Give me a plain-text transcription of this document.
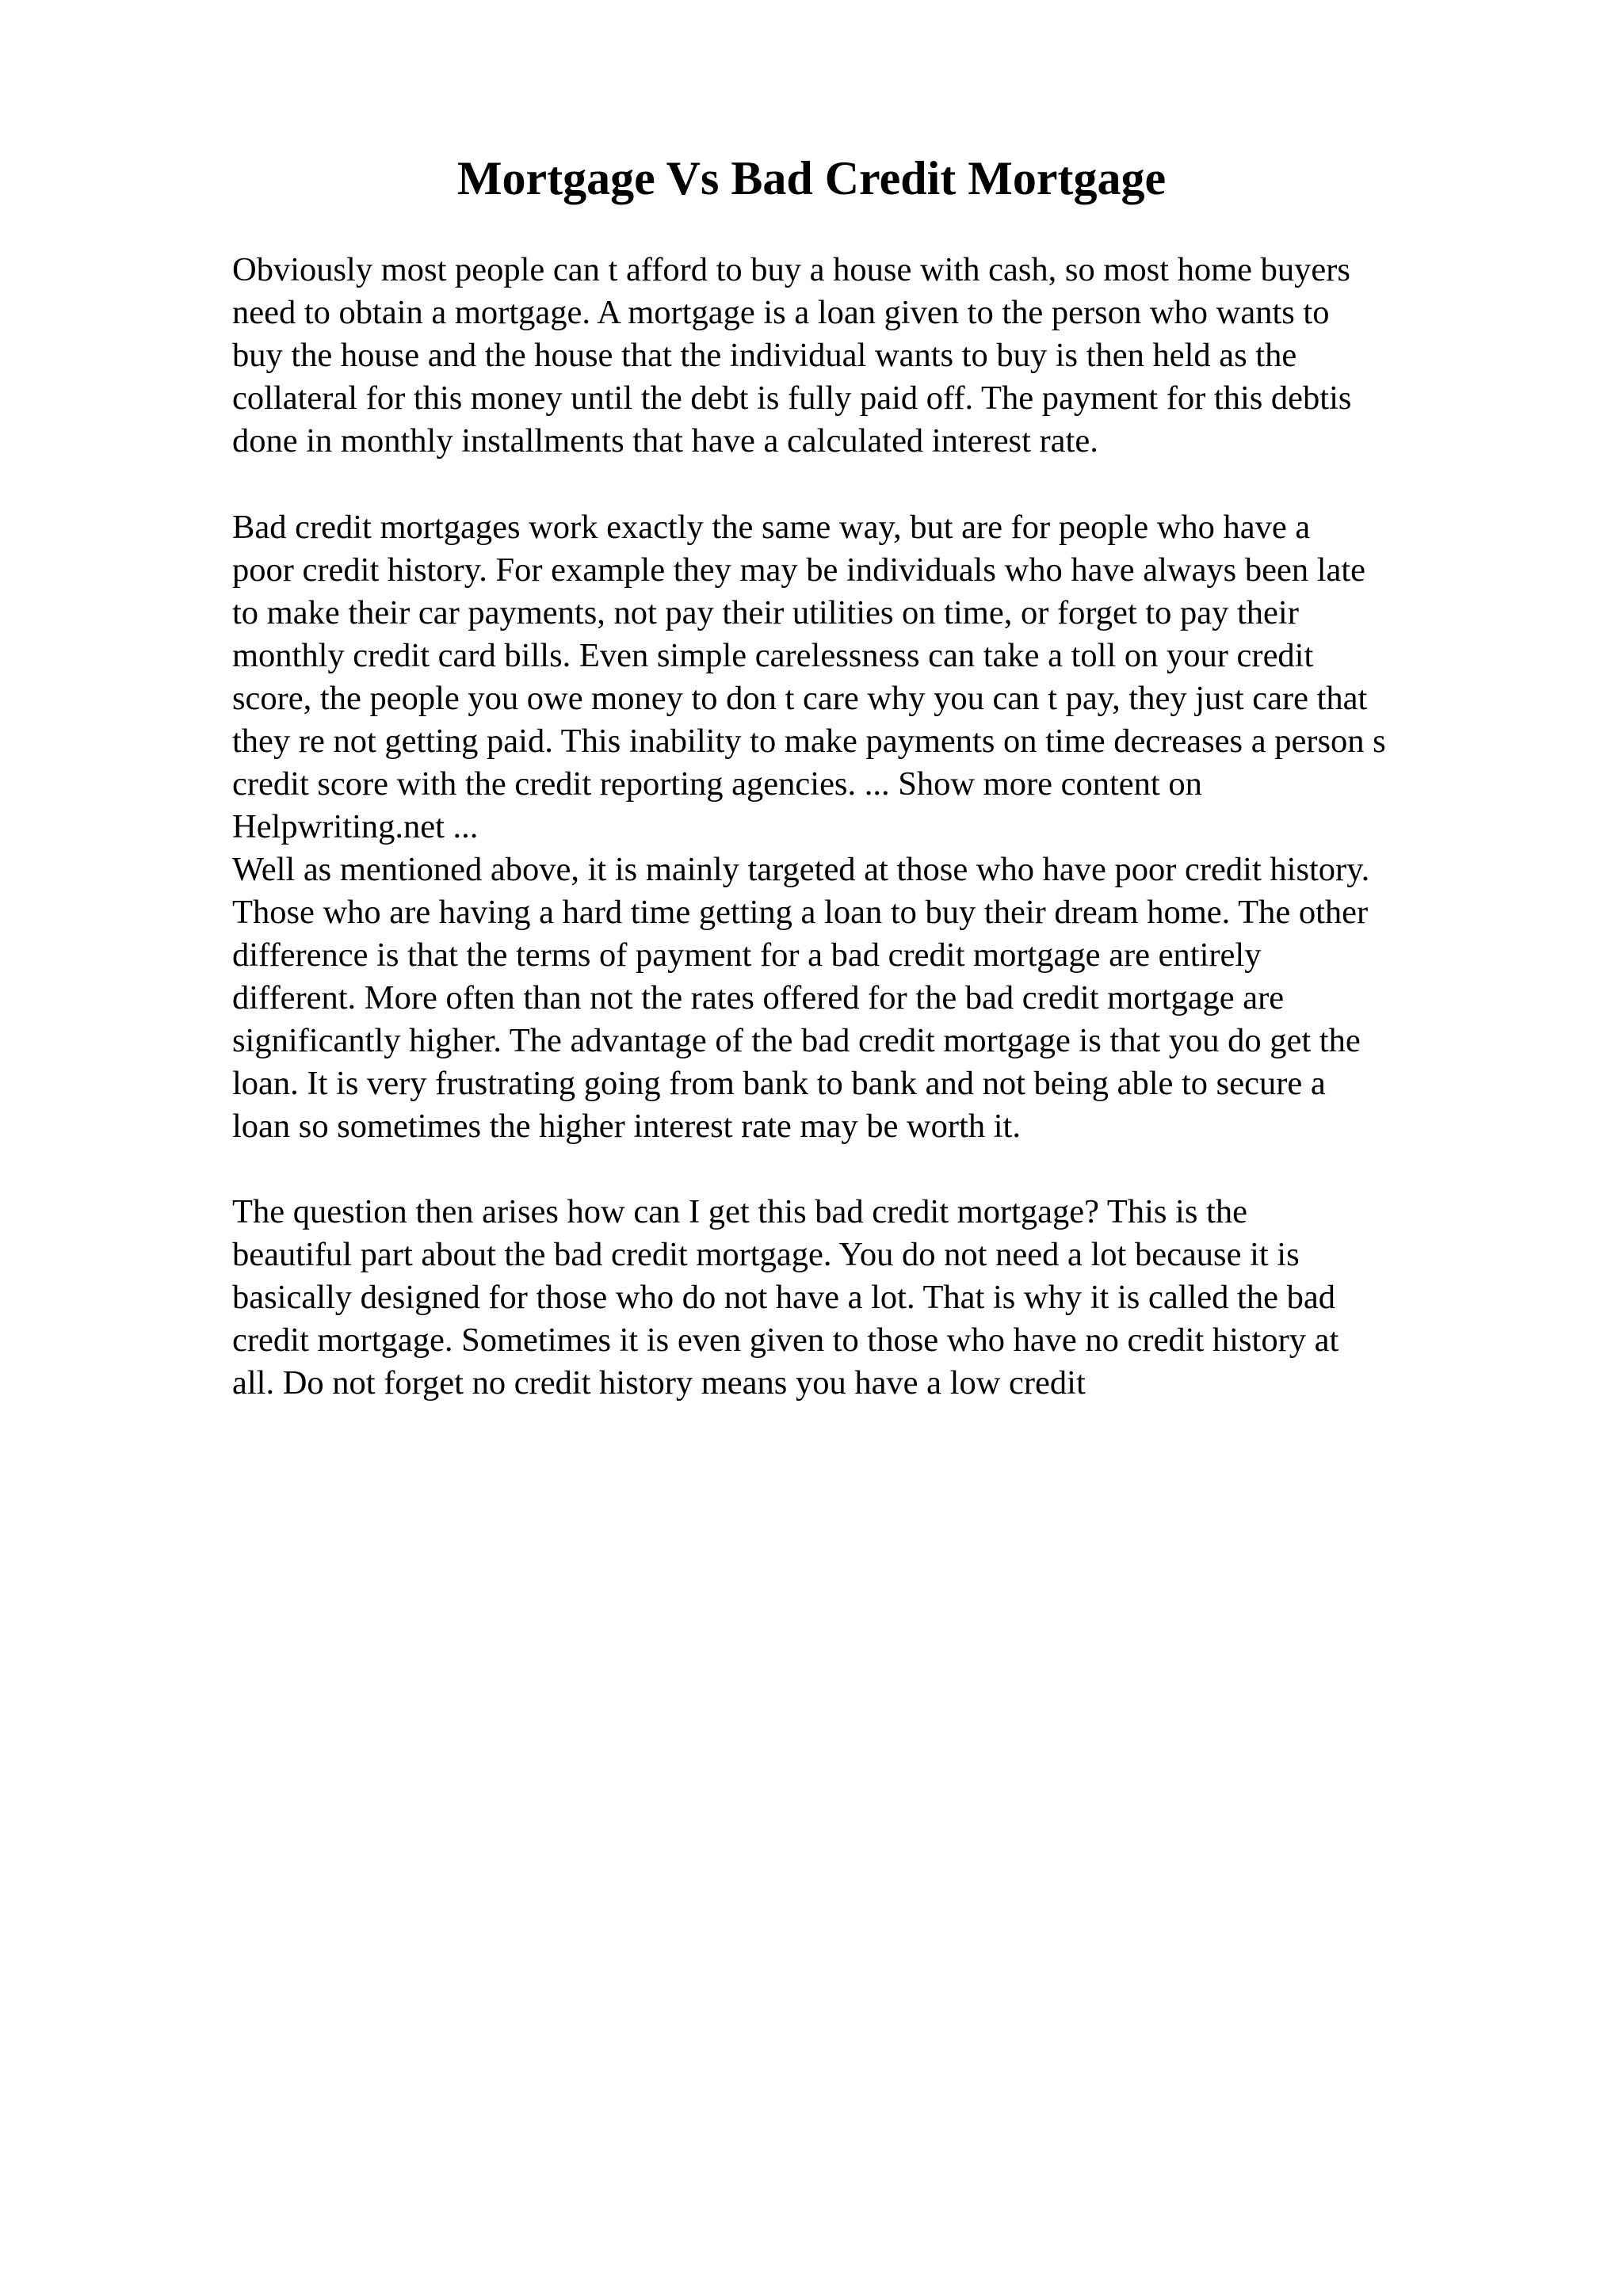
Mortgage Vs Bad Credit Mortgage

Obviously most people can t afford to buy a house with cash, so most home buyers

need to obtain a mortgage. A mortgage is a loan given to the person who wants to

buy the house and the house that the individual wants to buy is then held as the

collateral for this money until the debt is fully paid off. The payment for this debtis

done in monthly installments that have a calculated interest rate.

Bad credit mortgages work exactly the same way, but are for people who have a

poor credit history. For example they may be individuals who have always been late

to make their car payments, not pay their utilities on time, or forget to pay their

monthly credit card bills. Even simple carelessness can take a toll on your credit

score, the people you owe money to don t care why you can t pay, they just care that

they re not getting paid. This inability to make payments on time decreases a person s

credit score with the credit reporting agencies. ... Show more content on

Helpwriting.net ...

Well as mentioned above, it is mainly targeted at those who have poor credit history.

Those who are having a hard time getting a loan to buy their dream home. The other

difference is that the terms of payment for a bad credit mortgage are entirely

different. More often than not the rates offered for the bad credit mortgage are

significantly higher. The advantage of the bad credit mortgage is that you do get the

loan. It is very frustrating going from bank to bank and not being able to secure a

loan so sometimes the higher interest rate may be worth it.

The question then arises how can I get this bad credit mortgage? This is the

beautiful part about the bad credit mortgage. You do not need a lot because it is

basically designed for those who do not have a lot. That is why it is called the bad

credit mortgage. Sometimes it is even given to those who have no credit history at

all. Do not forget no credit history means you have a low credit
